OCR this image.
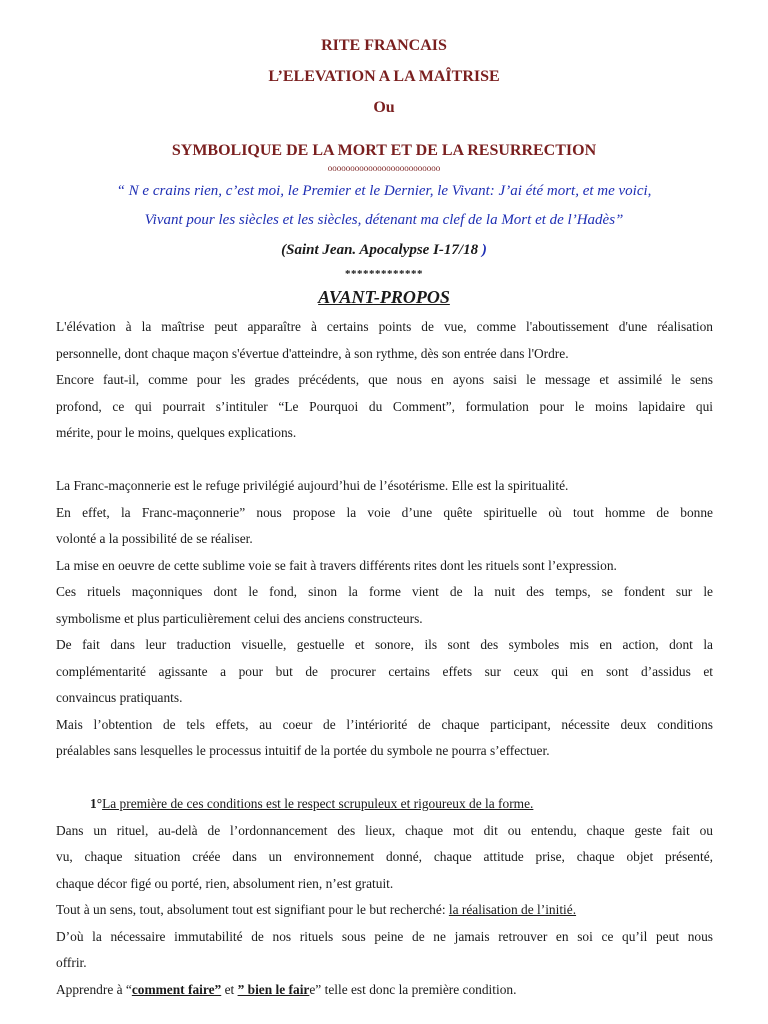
RITE FRANCAIS
L’ELEVATION A LA MAÎTRISE
Ou
SYMBOLIQUE DE LA MORT ET DE LA RESURRECTION
ooooooooooooooooooooooooo
“ N e crains rien, c’est moi, le Premier et le Dernier, le Vivant: J’ai été mort, et me voici,
Vivant pour les siècles et les siècles, détenant ma clef de la Mort et de l’Hadès”
(Saint Jean. Apocalypse I-17/18 )
*************
AVANT-PROPOS
L'élévation à la maîtrise peut apparaître à certains points de vue, comme l'aboutissement d'une réalisation
personnelle, dont chaque maçon s'évertue d'atteindre, à son rythme, dès son entrée dans l'Ordre.
Encore faut-il, comme pour les grades précédents, que nous en ayons saisi le message et assimilé le sens
profond, ce qui pourrait s’intituler “Le Pourquoi du Comment”, formulation pour le moins lapidaire qui
mérite, pour le moins, quelques explications.

La Franc-maçonnerie est le refuge privilégié aujourd’hui de l’ésotérisme. Elle est la spiritualité.
En effet, la Franc-maçonnerie” nous propose la voie d’une quête spirituelle où tout homme de bonne
volonté a la possibilité de se réaliser.
La mise en oeuvre de cette sublime voie se fait à travers différents rites dont les rituels sont l’expression.
Ces rituels maçonniques dont le fond, sinon la forme vient de la nuit des temps, se fondent sur le
symbolisme et plus particulièrement celui des anciens constructeurs.
De fait dans leur traduction visuelle, gestuelle et sonore, ils sont des symboles mis en action, dont la
complémentarité agissante a pour but de procurer certains effets sur ceux qui en sont d’assidus et
convaincus pratiquants.
Mais l’obtention de tels effets, au coeur de l’intériorité de chaque participant, nécessite deux conditions
préalables sans lesquelles le processus intuitif de la portée du symbole ne pourra s’effectuer.

1°La première de ces conditions est le respect scrupuleux et rigoureux de la forme.
Dans un rituel, au-delà de l’ordonnancement des lieux, chaque mot dit ou entendu, chaque geste fait ou
vu, chaque situation créée dans un environnement donné, chaque attitude prise, chaque objet présenté,
chaque décor figé ou porté, rien, absolument rien, n’est gratuit.
Tout à un sens, tout, absolument tout est signifiant pour le but recherché: la réalisation de l’initié.
D’où la nécessaire immutabilité de nos rituels sous peine de ne jamais retrouver en soi ce qu’il peut nous
offrir.
Apprendre à “comment faire” et ” bien le faire” telle est donc la première condition.
